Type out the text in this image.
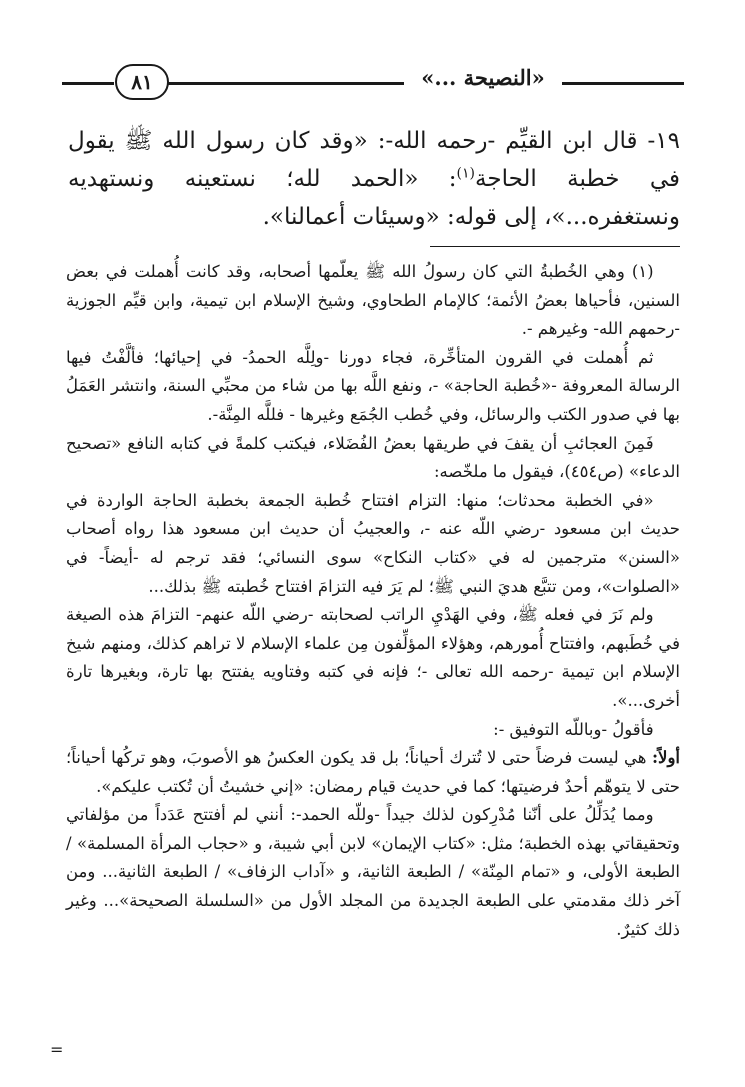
٨١	«النصيحة ...»
١٩- قال ابن القيِّم -رحمه الله-: «وقد كان رسول الله ﷺ يقول في خطبة الحاجة$^{(١)}$: «الحمد لله؛ نستعينه ونستهديه ونستغفره...»، إلى قوله: «وسيئات أعمالنا».

(١) وهي الخُطبةُ التي كان رسولُ الله ﷺ يعلّمها أصحابه، وقد كانت أُهملت في بعض السنين، فأحياها بعضُ الأئمة؛ كالإمام الطحاوي، وشيخ الإسلام ابن تيمية، وابن قيِّم الجوزية -رحمهم الله- وغيرهم -.

ثم أُهملت في القرون المتأخِّرة، فجاء دورنا -ولِلَّه الحمدُ- في إحيائها؛ فألَّفْتُ فيها الرسالة المعروفة -«خُطبة الحاجة» -، ونفع اللَّه بها من شاء من محبِّي السنة، وانتشر العَمَلُ بها في صدور الكتب والرسائل، وفي خُطب الجُمَع وغيرها - فللَّه المِنَّة-.

فَمِنَ العجائبِ أن يقفَ في طريقها بعضُ الفُضَلاء، فيكتب كلمةً في كتابه النافع «تصحيح الدعاء» (ص٤٥٤)، فيقول ما ملخّصه:

«في الخطبة محدثات؛ منها: التزام افتتاح خُطبة الجمعة بخطبة الحاجة الواردة في حديث ابن مسعود -رضي اللّه عنه -، والعجيبُ أن حديث ابن مسعود هذا رواه أصحاب «السنن» مترجمين له في «كتاب النكاح» سوى النسائي؛ فقد ترجم له -أيضاً- في «الصلوات»، ومن تتبَّع هديَ النبي ﷺ؛ لم يَرَ فيه التزامَ افتتاح خُطبته ﷺ بذلك...

ولم نَرَ في فعله ﷺ، وفي الهَدْيِ الراتب لصحابته -رضي اللّه عنهم- التزامَ هذه الصيغة في خُطَبهم، وافتتاح أُمورهم، وهؤلاء المؤلِّفون مِن علماء الإسلام لا تراهم كذلك، ومنهم شيخ الإسلام ابن تيمية -رحمه الله تعالى -؛ فإنه في كتبه وفتاويه يفتتح بها تارة، وبغيرها تارة أخرى...».

فأقولُ -وباللّه التوفيق -:

أولاً: هي ليست فرضاً حتى لا تُترك أحياناً؛ بل قد يكون العكسُ هو الأصوبَ، وهو تركُها أحياناً؛ حتى لا يتوهّم أحدٌ فرضيتها؛ كما في حديث قيام رمضان: «إني خشيتُ أن تُكتب عليكم».

ومما يُدَلِّلُ على أنّنا مُدْرِكون لذلك جيداً -وللّه الحمد-: أنني لم أفتتح عَدَداً من مؤلفاتي وتحقيقاتي بهذه الخطبة؛ مثل: «كتاب الإيمان» لابن أبي شيبة، و «حجاب المرأة المسلمة» / الطبعة الأولى، و «تمام المِنّة» / الطبعة الثانية، و «آداب الزفاف» / الطبعة الثانية... ومن آخر ذلك مقدمتي على الطبعة الجديدة من المجلد الأول من «السلسلة الصحيحة»... وغير ذلك كثيرٌ.

=
